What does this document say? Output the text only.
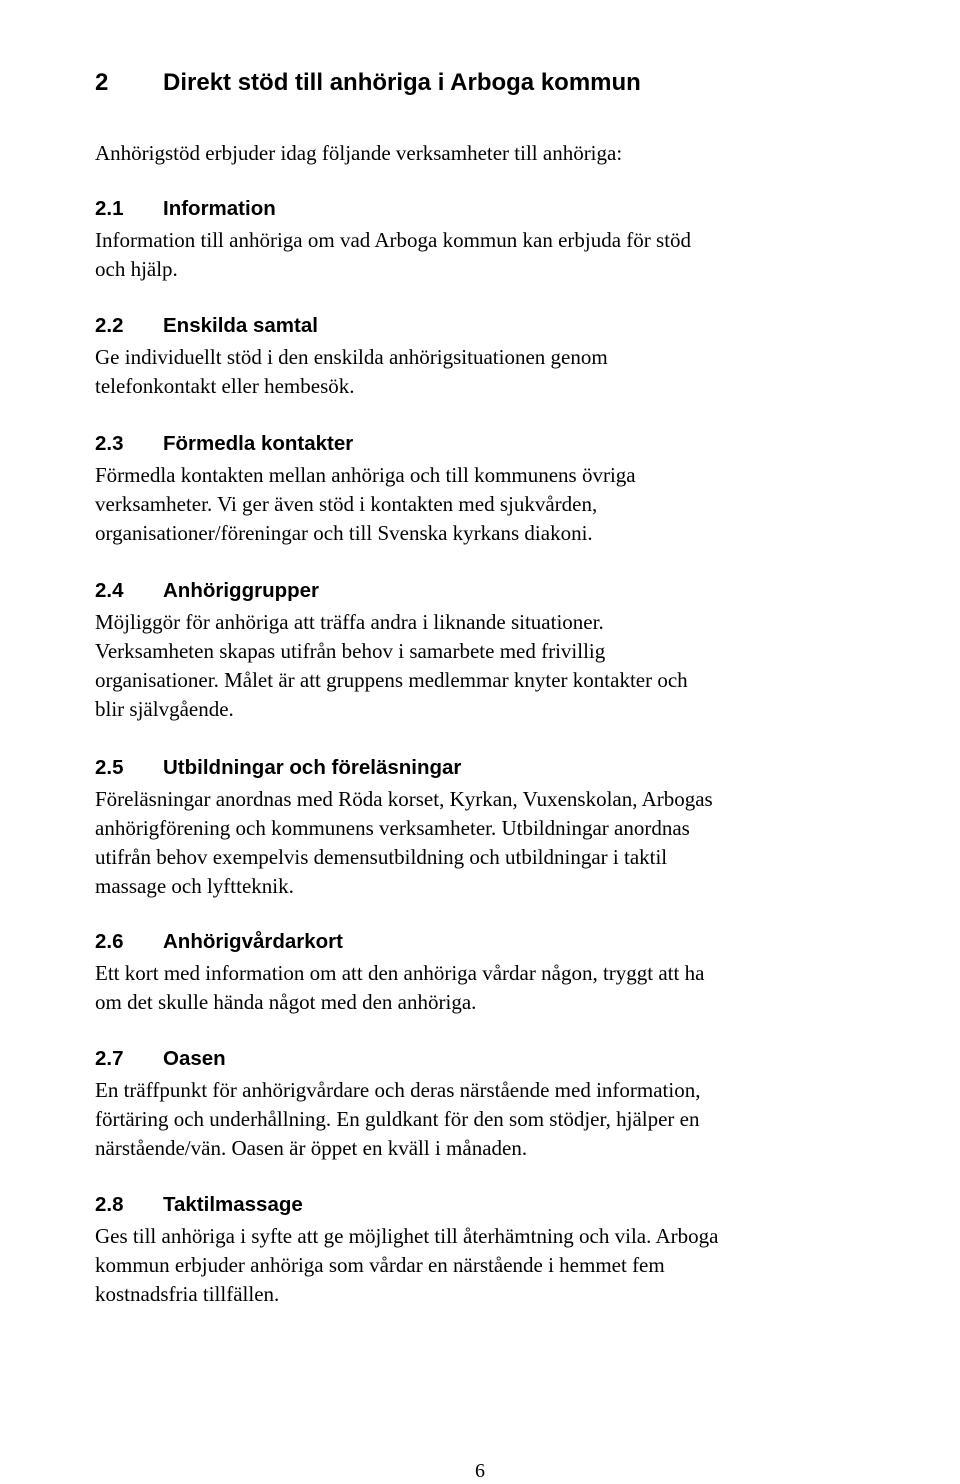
2 Direkt stöd till anhöriga i Arboga kommun

Anhörigstöd erbjuder idag följande verksamheter till anhöriga:

2.1 Information

Information till anhöriga om vad Arboga kommun kan erbjuda för stöd
och hjälp.

2.2 Enskilda samtal

Ge individuellt stöd i den enskilda anhörigsituationen genom
telefonkontakt eller hembesök.

2.3 Förmedla kontakter

Förmedla kontakten mellan anhöriga och till kommunens övriga
verksamheter. Vi ger även stöd i kontakten med sjukvården,
organisationer/föreningar och till Svenska kyrkans diakoni.

2.4 Anhöriggrupper

Möjliggör för anhöriga att träffa andra i liknande situationer.
Verksamheten skapas utifrån behov i samarbete med frivillig
organisationer. Målet är att gruppens medlemmar knyter kontakter och
blir självgående.

2.5 Utbildningar och föreläsningar

Föreläsningar anordnas med Röda korset, Kyrkan, Vuxenskolan, Arbogas
anhörigförening och kommunens verksamheter. Utbildningar anordnas
utifrån behov exempelvis demensutbildning och utbildningar i taktil
massage och lyftteknik.

2.6 Anhörigvårdarkort

Ett kort med information om att den anhöriga vårdar någon, tryggt att ha
om det skulle hända något med den anhöriga.

2.7 Oasen

En träffpunkt för anhörigvårdare och deras närstående med information,
förtäring och underhållning. En guldkant för den som stödjer, hjälper en
närstående/vän. Oasen är öppet en kväll i månaden.

2.8 Taktilmassage

Ges till anhöriga i syfte att ge möjlighet till återhämtning och vila. Arboga
kommun erbjuder anhöriga som vårdar en närstående i hemmet fem
kostnadsfria tillfällen.

6
